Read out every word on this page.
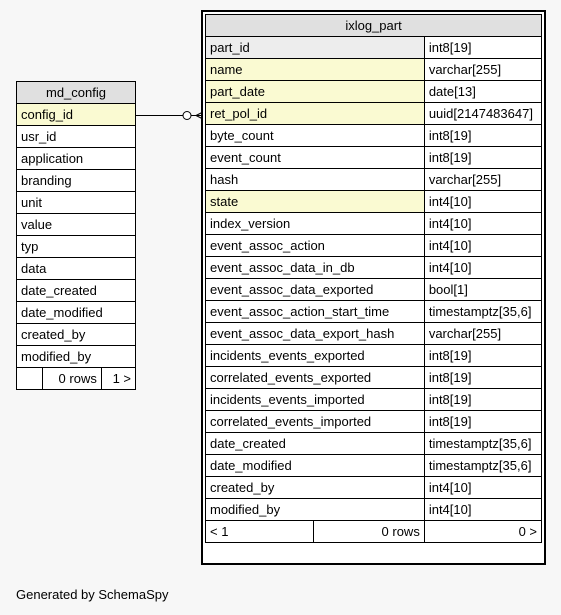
md_config
config_id
usr_id
application
branding
unit
value
typ
data
date_created
date_modified
created_by
modified_by
	0 rows	1 >
ixlog_part		
part_id		int8[19]
name		varchar[255]
part_date		date[13]
ret_pol_id		uuid[2147483647]
byte_count		int8[19]
event_count		int8[19]
hash		varchar[255]
state		int4[10]
index_version		int4[10]
event_assoc_action		int4[10]
event_assoc_data_in_db		int4[10]
event_assoc_data_exported		bool[1]
event_assoc_action_start_time		timestamptz[35,6]
event_assoc_data_export_hash		varchar[255]
incidents_events_exported		int8[19]
correlated_events_exported		int8[19]
incidents_events_imported		int8[19]
correlated_events_imported		int8[19]
date_created		timestamptz[35,6]
date_modified		timestamptz[35,6]
created_by		int4[10]
modified_by		int4[10]
< 1	0 rows	0 >
Generated by SchemaSpy
